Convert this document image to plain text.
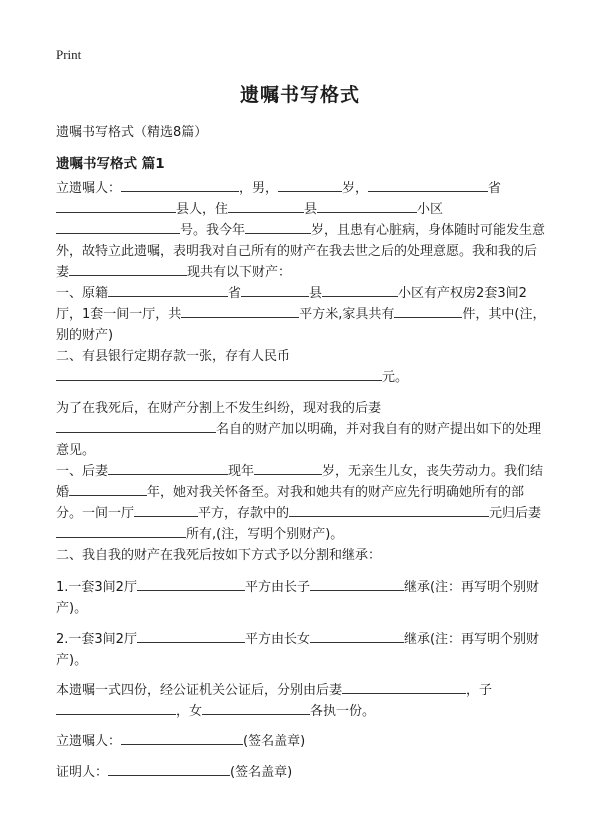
Print
遗嘱书写格式
遗嘱书写格式（精选8篇）
遗嘱书写格式 篇1

立遗嘱人：	，男，	岁，	省县人，住	县	小区号。我今年	岁，且患有心脏病，身体随时可能发生意外，故特立此遗嘱，表明我对自己所有的财产在我去世之后的处理意愿。我和我的后妻	现共有以下财产：

一、原籍	省	县	小区有产权房2套3间2厅，1套一间一厅，共	平方米,家具共有	件，其中(注，别的财产)

二、有县银行定期存款一张，存有人民币
元。

为了在我死后，在财产分割上不发生纠纷，现对我的后妻
名自的财产加以明确，并对我自有的财产提出如下的处理意见。

一、后妻	现年	岁，无亲生儿女，丧失劳动力。我们结婚	年，她对我关怀备至。对我和她共有的财产应先行明确她所有的部分。一间一厅	平方，存款中的	元归后妻所有,(注，写明个别财产)。

二、我自我的财产在我死后按如下方式予以分割和继承：

1.一套3间2厅	平方由长子	继承(注：再写明个别财产)。

2.一套3间2厅	平方由长女	继承(注：再写明个别财产)。

本遗嘱一式四份，经公证机关公证后，分别由后妻	，子
，女	各执一份。

立遗嘱人：	(签名盖章)

证明人：	(签名盖章)
